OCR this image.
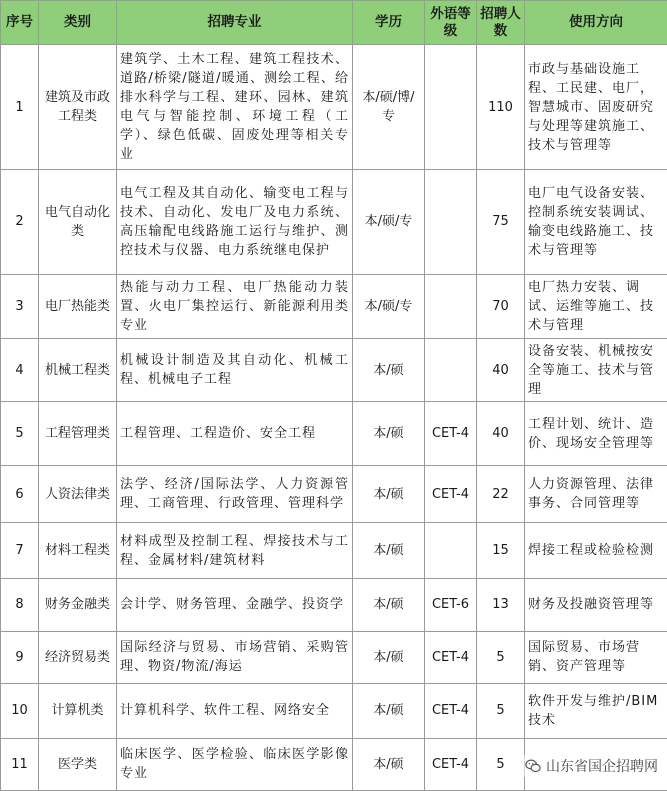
序号	类别	招聘专业	学历	外语等级	招聘人数	使用方向
1	建筑及市政工程类	建筑学、土木工程、建筑工程技术、道路/桥梁/隧道/暖通、测绘工程、给排水科学与工程、建环、园林、建筑电气与智能控制、环境工程（工学）、绿色低碳、固废处理等相关专业	本/硕/博/专		110	市政与基础设施工程、工民建、电厂，智慧城市、固废研究与处理等建筑施工、技术与管理等
2	电气自动化类	电气工程及其自动化、输变电工程与技术、自动化、发电厂及电力系统、高压输配电线路施工运行与维护、测控技术与仪器、电力系统继电保护	本/硕/专		75	电厂电气设备安装、控制系统安装调试、输变电线路施工、技术与管理等
3	电厂热能类	热能与动力工程、电厂热能动力装置、火电厂集控运行、新能源利用类专业	本/硕/专		70	电厂热力安装、调试、运维等施工、技术与管理
4	机械工程类	机械设计制造及其自动化、机械工程、机械电子工程	本/硕		40	设备安装、机械按安全等施工、技术与管理
5	工程管理类	工程管理、工程造价、安全工程	本/硕	CET-4	40	工程计划、统计、造价、现场安全管理等
6	人资法律类	法学、经济/国际法学、人力资源管理、工商管理、行政管理、管理科学	本/硕	CET-4	22	人力资源管理、法律事务、合同管理等
7	材料工程类	材料成型及控制工程、焊接技术与工程、金属材料/建筑材料	本/硕		15	焊接工程或检验检测
8	财务金融类	会计学、财务管理、金融学、投资学	本/硕	CET-6	13	财务及投融资管理等
9	经济贸易类	国际经济与贸易、市场营销、采购管理、物资/物流/海运	本/硕	CET-4	5	国际贸易、市场营销、资产管理等
10	计算机类	计算机科学、软件工程、网络安全	本/硕	CET-4	5	软件开发与维护/BIM技术
11	医学类	临床医学、医学检验、临床医学影像专业	本/硕	CET-4	5		山东省国企招聘网
